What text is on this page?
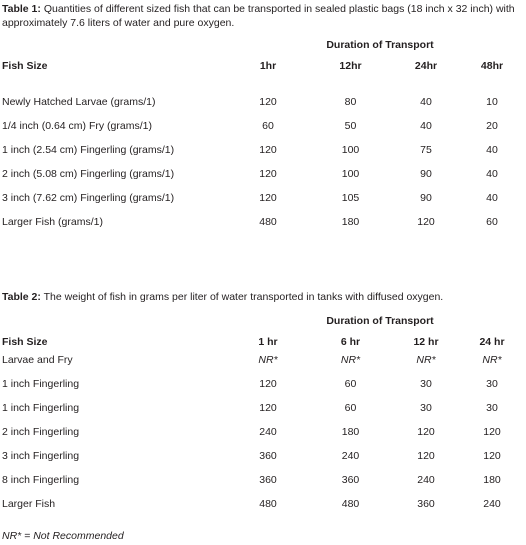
Table 1: Quantities of different sized fish that can be transported in sealed plastic bags (18 inch x 32 inch) with approximately 7.6 liters of water and pure oxygen.
Duration of Transport
Fish Size	1hr	12hr	24hr	48hr

Newly Hatched Larvae (grams/1)	120	80	40	10
1/4 inch (0.64 cm) Fry (grams/1)	60	50	40	20
1 inch (2.54 cm) Fingerling (grams/1)	120	100	75	40
2 inch (5.08 cm) Fingerling (grams/1)	120	100	90	40
3 inch (7.62 cm) Fingerling (grams/1)	120	105	90	40
Larger Fish (grams/1)	480	180	120	60
Table 2: The weight of fish in grams per liter of water transported in tanks with diffused oxygen.
Duration of Transport
Fish Size	1 hr	6 hr	12 hr	24 hr
Larvae and Fry	NR*	NR*	NR*	NR*
1 inch Fingerling	120	60	30	30
1 inch Fingerling	120	60	30	30
2 inch Fingerling	240	180	120	120
3 inch Fingerling	360	240	120	120
8 inch Fingerling	360	360	240	180
Larger Fish	480	480	360	240
NR* = Not Recommended
